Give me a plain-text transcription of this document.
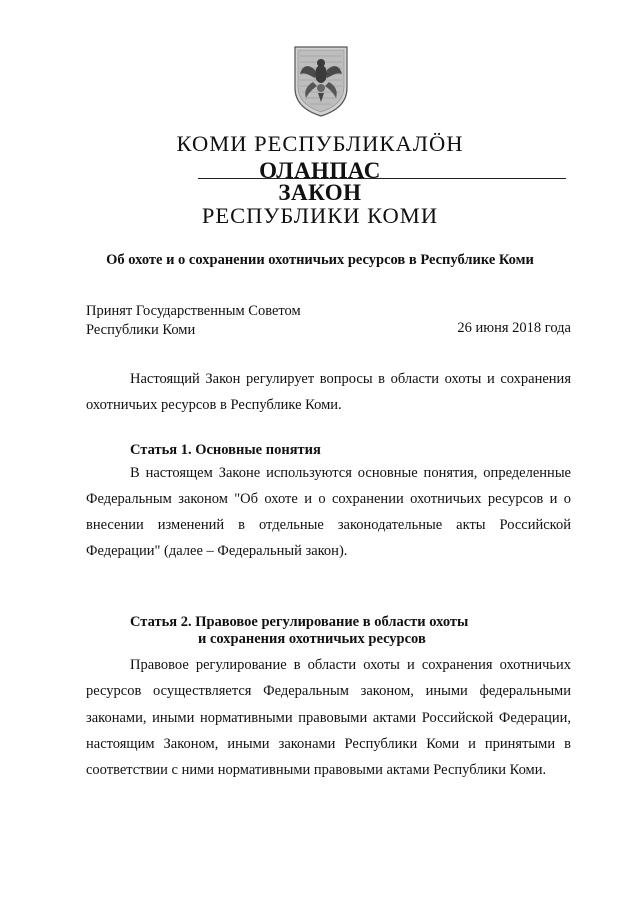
КОМИ РЕСПУБЛИКАЛÖН
ОЛАНПАС
ЗАКОН
РЕСПУБЛИКИ КОМИ
Об охоте и о сохранении охотничьих ресурсов в Республике Коми
Принят Государственным Советом
Республики Коми	26 июня 2018 года
Настоящий Закон регулирует вопросы в области охоты и сохранения охотничьих ресурсов в Республике Коми.
Статья 1. Основные понятия
В настоящем Законе используются основные понятия, определенные Федеральным законом "Об охоте и о сохранении охотничьих ресурсов и о внесении изменений в отдельные законодательные акты Российской Федерации" (далее – Федеральный закон).
Статья 2. Правовое регулирование в области охоты
и сохранения охотничьих ресурсов
Правовое регулирование в области охоты и сохранения охотничьих ресурсов осуществляется Федеральным законом, иными федеральными законами, иными нормативными правовыми актами Российской Федерации, настоящим Законом, иными законами Республики Коми и принятыми в соответствии с ними нормативными правовыми актами Республики Коми.
